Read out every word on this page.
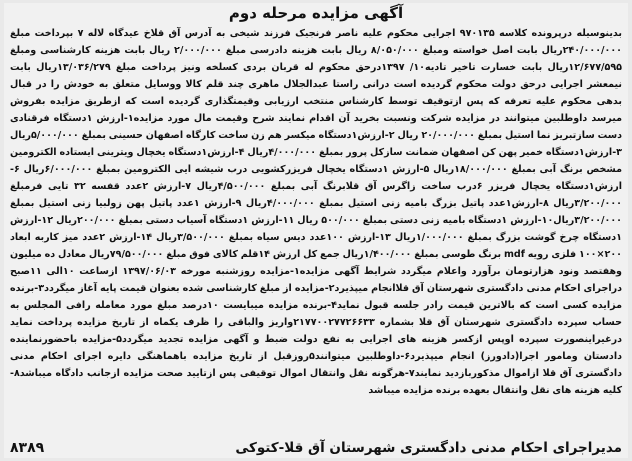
آگهی مزایده مرحله دوم

بدینوسیله درپرونده کلاسه ۹۷۰۱۳۵ اجرایی محکوم علیه ناصر فرنجیک فرزند شیخی به آدرس آق قلاخ عیدگاه لاله ۷ بپرداخت مبلغ ۲۴۰/۰۰۰/۰۰۰ریال بابت اصل خواسته ومبلغ ۸/۰۵۰/۰۰۰ ریال بابت هزینه دادرسی مبلغ ۲/۰۰۰/۰۰۰ ریال بابت هزینه کارشناسی ومبلغ ۱۲/۶۷۷/۵۹۵ریال بابت خسارت تاخیر تادیه۱۰/ ۱۳۹۷درحق محکوم له قربان بردی کسلخه ونیز پرداخت مبلغ ۱۳/۰۳۶/۲۷۹ریال بابت نیمعشر اجرایی درحق دولت محکوم گردیده است درانی راستا عبدالجلال ماهری چند قلم کالا ووسایل متعلق به خودش را در قبال بدهی محکوم علیه تعرفه که پس ازتوقیف توسط کارشناس منتخب ارزیابی وقیمتگذاری گردیده است که ازطریق مزایده بفروش میرسد داوطلبین میتوانند در مزایده شرکت ونسبت بخرید آن اقدام نمایند شرح وقیمت مال مورد مزایده۱-ارزش ۱دستگاه فرقنادی دست سازتبریز نما استیل بمبلغ ۲۰/۰۰۰/۰۰۰ ریال ۲-ارزش۱دستگاه میکسر هم زن ساخت کارگاه اصفهان حسینی بمبلغ ۵/۰۰۰/۰۰۰ریال ۳-ارزش۱دستگاه خمیر پهن کن اصفهان ضمانت سازکل پرور بمبلغ ۴/۰۰۰/۰۰۰ریال ۴-ارزش۱دستگاه یخچال ویترینی ایستاده الکترومین مشخص برنگ آبی بمبلغ ۱۸/۰۰۰/۰۰۰ریال ۵-ارزش ۱دستگاه یخچال فریزرکشویی درب شیشه ایی الکترومین بمبلغ ۶/۰۰۰/۰۰۰ریال ۶-ارزش۱دستگاه یخچال فریزر ۶درب ساخت زاگرس آق قلابرنگ آبی بمبلغ ۴/۵۰۰/۰۰۰ریال ۷-ارزش ۲عدد قفسه ۳۲ تایی فرمبلغ ۳/۲۰۰/۰۰۰ریال ۸-ارزش۱عدد پاتیل بزرگ بامیه زنی استیل بمبلغ ۴/۰۰۰/۰۰۰ریال ۹-ارزش ۱عدد پاتیل پهن زولبیا زنی استیل بمبلغ ۳/۲۰۰/۰۰۰ریال۱۰-ارزش ۱دستگاه بامیه زنی دستی بمبلغ ۵۰۰/۰۰۰ ریال ۱۱-ارزش ۱دستگاه آسیاب دستی بمبلغ ۲۰۰/۰۰۰ریال ۱۲-ارزش ۱دستگاه چرخ گوشت بزرگ بمبلغ ۱/۰۰۰/۰۰۰ریال ۱۳-ارزش ۱۰۰عدد دیس سیاه بمبلغ ۳/۵۰۰/۰۰۰ریال ۱۴-ارزش ۲عدد میز کاربه ابعاد ۲۰۰×۱۰۰ فلزی رویه mdf برنگ طوسی بمبلغ ۱/۴۰۰/۰۰۰ریال جمع کل ارزش ۱۴قلم کالای فوق مبلغ ۷۹/۵۰۰/۰۰۰ریال معادل ده میلیون وهفتصد ونود هزارتومان برآورد واعلام میگردد شرایط آگهی مزایده۱-مزایده روزشنبه مورخه ۱۳۹۷/۰۶/۰۳ ازساعت ۱۰الی ۱۱صبح دراجرای احکام مدنی دادگستری شهرستان آق قلاانجام میپذیرد۲-مزایده از مبلغ کارشناسی شده بعنوان قیمت پایه آغاز میگردد۳-برنده مزایده کسی است که بالاترین قیمت رادر جلسه قبول نماید۴-برنده مزایده میبایست ۱۰درصد مبلغ مورد معامله رافی المجلس به حساب سپرده دادگستری شهرستان آق قلا بشماره ۲۱۷۷۰۰۲۷۷۲۶۶۳۳واریز والباقی را ظرف یکماه از تاریخ مزایده پرداخت نماید درغیراینصورت سپرده اوپس ازکسر هزینه های اجرایی به نفع دولت ضبط و آگهی مزایده تجدید میگردد۵-مزایده باحضورنماینده دادستان ومامور اجرا(دادورز) انجام میپذیرد۶-داوطلبین میتوانند۵روزقبل از تاریخ مزایده باهماهنگی دایره اجرای احکام مدنی دادگستری آق قلا ازاموال مذکوربازدید نمایند۷-هرگونه نقل وانتقال اموال توقیفی پس ازتایید صحت مزایده ازجانب دادگاه میباشد۸-کلیه هزینه های نقل وانتقال بعهده برنده مزایده میباشد

مدیراجرای احکام مدنی دادگستری شهرستان آق قلا-کتوکی
۸۳۸۹
